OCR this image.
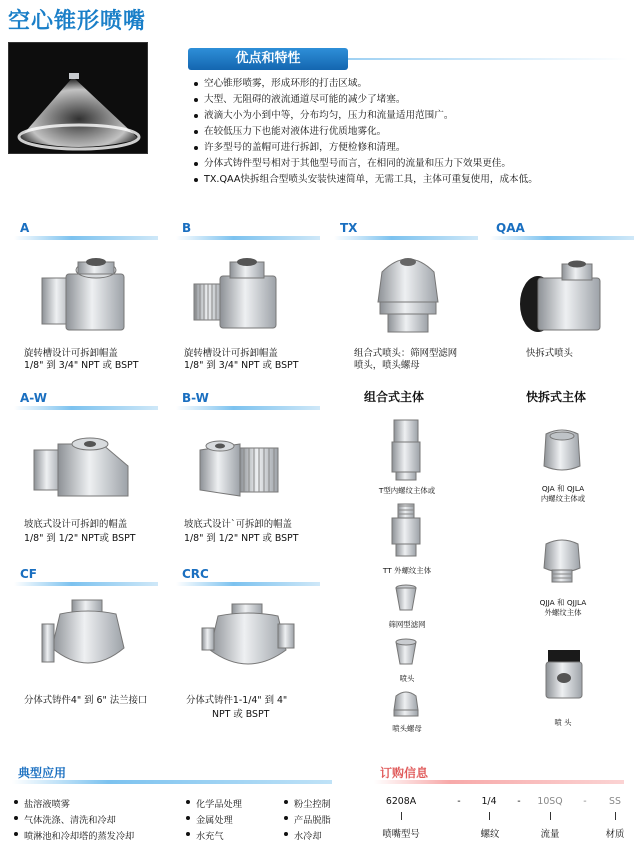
空心锥形喷嘴
优点和特性
空心锥形喷雾，形成环形的打击区域。
大型、无阻碍的液流通道尽可能的减少了堵塞。
液滴大小为小到中等，分布均匀，压力和流量适用范围广。
在较低压力下也能对液体进行优质地雾化。
许多型号的盖帽可进行拆卸，方便检修和清理。
分体式铸件型号相对于其他型号而言，在相同的流量和压力下效果更佳。
TX.QAA快拆组合型喷头安装快速简单，无需工具，主体可重复使用，成本低。
A	B	TX	QAA
旋转槽设计可拆卸帽盖
1/8" 到 3/4" NPT 或 BSPT
旋转槽设计可拆卸帽盖
1/8" 到 3/4" NPT 或 BSPT
组合式喷头：筛网型滤网
喷头，喷头螺母
快拆式喷头
A-W	B-W	组合式主体	快拆式主体
坡底式设计可拆卸的帽盖
1/8" 到 1/2" NPT或 BSPT
坡底式设计`可拆卸的帽盖
1/8" 到 1/2" NPT 或 BSPT
CF	CRC
分体式铸件4" 到 6" 法兰接口	分体式铸件1-1/4" 到 4"
NPT 或 BSPT
T型内螺纹主体或
TT 外螺纹主体
筛网型滤网
喷头
喷头螺母
QJA 和 QJLA
内螺纹主体或
QJJA 和 QJJLA
外螺纹主体
喷 头
典型应用
盐溶液喷雾
气体洗涤、清洗和冷却
喷淋池和冷却塔的蒸发冷却
化学品处理
金属处理
水充气
粉尘控制
产品脱脂
水冷却
订购信息
6208A	-	1/4	-	10SQ	-	SS
喷嘴型号	螺纹	流量	材质
